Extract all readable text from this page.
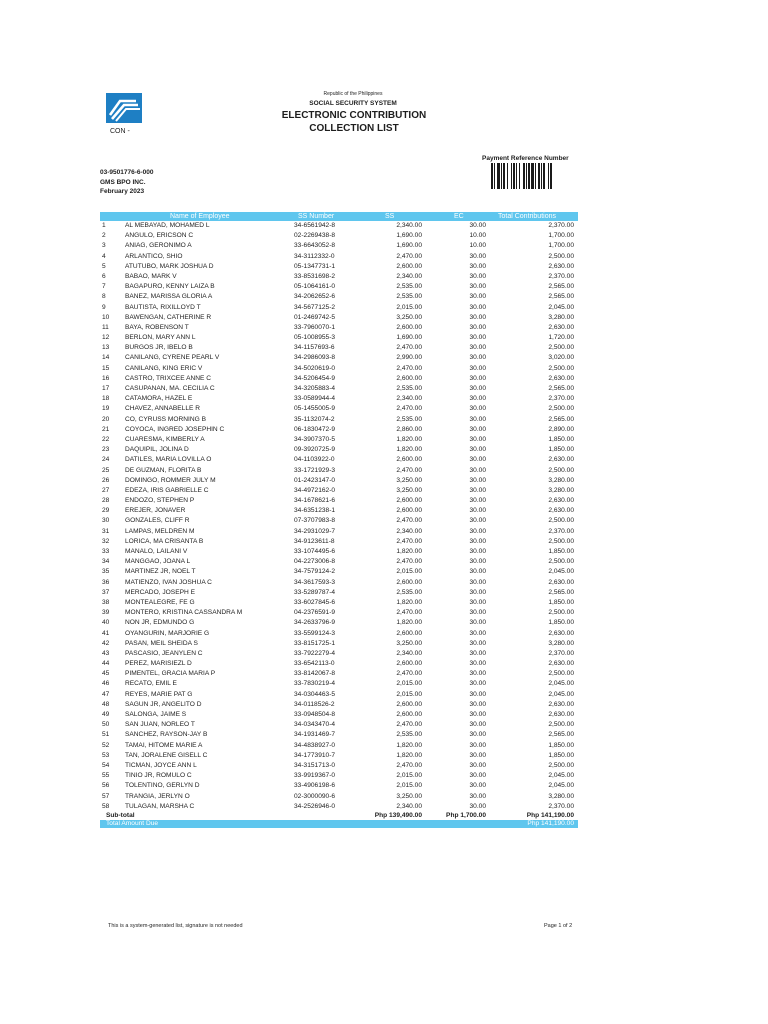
CON -
Republic of the Philippines
SOCIAL SECURITY SYSTEM
ELECTRONIC CONTRIBUTION
COLLECTION LIST
03-9501776-6-000
GMS BPO INC.
February 2023
Payment Reference Number
Name of Employee	SS Number	SS	EC	Total Contributions
1	AL MEBAYAD, MOHAMED L	34-6561942-8	2,340.00	30.00	2,370.00
2	ANGULO, ERICSON C	02-2269438-8	1,690.00	10.00	1,700.00
3	ANIAG, GERONIMO A	33-6643052-8	1,690.00	10.00	1,700.00
4	ARLANTICO, SHIO	34-3112332-0	2,470.00	30.00	2,500.00
5	ATUTUBO, MARK JOSHUA D	05-1347731-1	2,600.00	30.00	2,630.00
6	BABAO, MARK V	33-8531698-2	2,340.00	30.00	2,370.00
7	BAGAPURO, KENNY LAIZA B	05-1064161-0	2,535.00	30.00	2,565.00
8	BANEZ, MARISSA GLORIA A	34-2062652-6	2,535.00	30.00	2,565.00
9	BAUTISTA, RIXILLOYD T	34-5677125-2	2,015.00	30.00	2,045.00
10 BAWENGAN, CATHERINE R	01-2469742-5	3,250.00	30.00	3,280.00
11 BAYA, ROBENSON T	33-7960070-1	2,600.00	30.00	2,630.00
12 BERLON, MARY ANN L	05-1008955-3	1,690.00	30.00	1,720.00
13 BURGOS JR, IBELO B	34-1157693-6	2,470.00	30.00	2,500.00
14 CANILANG, CYRENE PEARL V	34-2986093-8	2,990.00	30.00	3,020.00
15 CANILANG, KING ERIC V	34-5020619-0	2,470.00	30.00	2,500.00
16 CASTRO, TRIXCEE ANNE C	34-5206454-9	2,600.00	30.00	2,630.00
17 CASUPANAN, MA. CECILIA C	34-3205883-4	2,535.00	30.00	2,565.00
18 CATAMORA, HAZEL E	33-0589944-4	2,340.00	30.00	2,370.00
19 CHAVEZ, ANNABELLE R	05-1455005-9	2,470.00	30.00	2,500.00
20 CO, CYRUSS MORNING B	35-1132074-2	2,535.00	30.00	2,565.00
21 COYOCA, INGRED JOSEPHIN C	06-1830472-9	2,860.00	30.00	2,890.00
22 CUARESMA, KIMBERLY A	34-3907370-5	1,820.00	30.00	1,850.00
23 DAQUIPIL, JOLINA D	09-3920725-9	1,820.00	30.00	1,850.00
24 DATILES, MARIA LOVILLA O	04-1103922-0	2,600.00	30.00	2,630.00
25 DE GUZMAN, FLORITA B	33-1721929-3	2,470.00	30.00	2,500.00
26 DOMINGO, ROMMER JULY M	01-2423147-0	3,250.00	30.00	3,280.00
27 EDEZA, IRIS GABRIELLE C	34-4972162-0	3,250.00	30.00	3,280.00
28 ENDOZO, STEPHEN P	34-1678621-6	2,600.00	30.00	2,630.00
29 EREJER, JONAVER	34-6351238-1	2,600.00	30.00	2,630.00
30 GONZALES, CLIFF R	07-3707983-8	2,470.00	30.00	2,500.00
31 LAMPAS, MELDREN M	34-2931029-7	2,340.00	30.00	2,370.00
32 LORICA, MA CRISANTA B	34-9123611-8	2,470.00	30.00	2,500.00
33 MANALO, LAILANI V	33-1074495-6	1,820.00	30.00	1,850.00
34 MANGGAO, JOANA L	04-2273006-8	2,470.00	30.00	2,500.00
35 MARTINEZ JR, NOEL T	34-7579124-2	2,015.00	30.00	2,045.00
36 MATIENZO, IVAN JOSHUA C	34-3617593-3	2,600.00	30.00	2,630.00
37 MERCADO, JOSEPH E	33-5289787-4	2,535.00	30.00	2,565.00
38 MONTEALEGRE, FE G	33-6027845-6	1,820.00	30.00	1,850.00
39 MONTERO, KRISTINA CASSANDRA M	04-2376591-9	2,470.00	30.00	2,500.00
40 NON JR, EDMUNDO G	34-2633796-9	1,820.00	30.00	1,850.00
41 OYANGURIN, MARJORIE G	33-5599124-3	2,600.00	30.00	2,630.00
42 PASAN, MEIL SHEIDA S	33-8151725-1	3,250.00	30.00	3,280.00
43 PASCASIO, JEANYLEN C	33-7922279-4	2,340.00	30.00	2,370.00
44 PEREZ, MARISIEZL D	33-6542113-0	2,600.00	30.00	2,630.00
45 PIMENTEL, GRACIA MARIA P	33-8142067-8	2,470.00	30.00	2,500.00
46 RECATO, EMIL E	33-7830219-4	2,015.00	30.00	2,045.00
47 REYES, MARIE PAT G	34-0304463-5	2,015.00	30.00	2,045.00
48 SAGUN JR, ANGELITO D	34-0118526-2	2,600.00	30.00	2,630.00
49 SALONGA, JAIME S	33-0948504-8	2,600.00	30.00	2,630.00
50 SAN JUAN, NORLEO T	34-0343470-4	2,470.00	30.00	2,500.00
51 SANCHEZ, RAYSON-JAY B	34-1931469-7	2,535.00	30.00	2,565.00
52 TAMAI, HITOME MARIE A	34-4838927-0	1,820.00	30.00	1,850.00
53 TAN, JORALENE GISELL C	34-1773910-7	1,820.00	30.00	1,850.00
54 TICMAN, JOYCE ANN L	34-3151713-0	2,470.00	30.00	2,500.00
55 TINIO JR, ROMULO C	33-9919367-0	2,015.00	30.00	2,045.00
56 TOLENTINO, GERLYN D	33-4906198-6	2,015.00	30.00	2,045.00
57 TRANGIA, JERLYN O	02-3000090-6	3,250.00	30.00	3,280.00
58 TULAGAN, MARSHA C	34-2526946-0	2,340.00	30.00	2,370.00
Sub-total	Php 139,490.00	Php 1,700.00	Php 141,190.00
Total Amount Due	Php 141,190.00
This is a system-generated list, signature is not needed	Page 1 of 2
